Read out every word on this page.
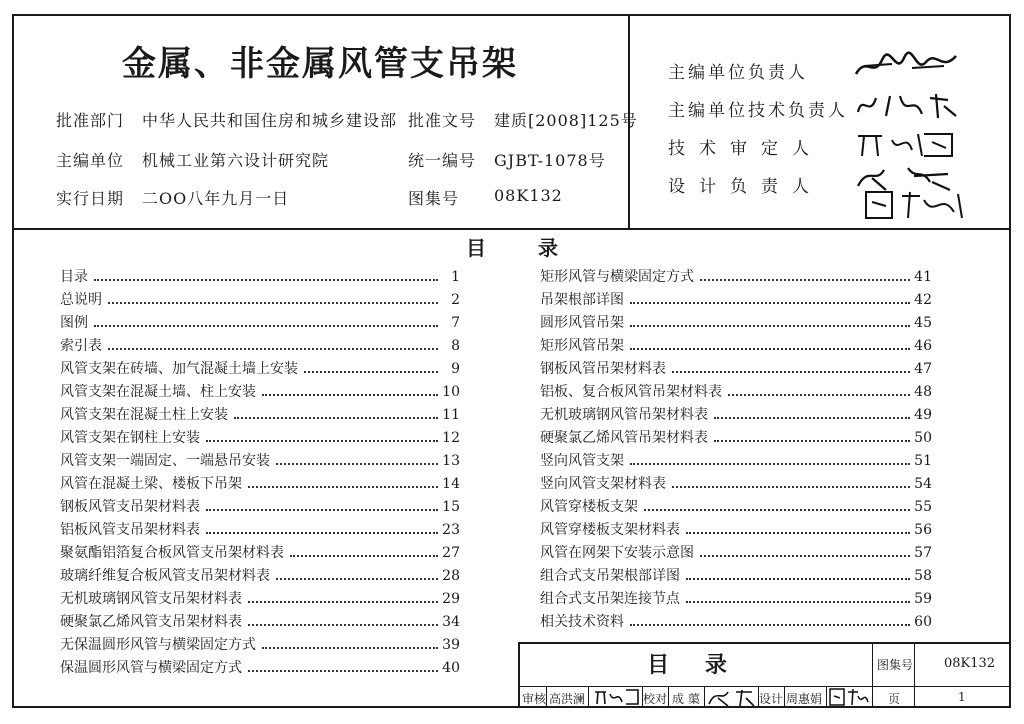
金属、非金属风管支吊架
批准部门 中华人民共和国住房和城乡建设部 批准文号 建质[2008]125号
主编单位 机械工业第六设计研究院	统一编号 GJBT-1078号
实行日期 二OO八年九月一日	图集号 08K132
主编单位负责人
主编单位技术负责人
技术审定人
设计负责人
目	录
目录	1
总说明	2
图例	7
索引表	8
风管支架在砖墙、加气混凝土墙上安装	9
风管支架在混凝土墙、柱上安装	10
风管支架在混凝土柱上安装	11
风管支架在钢柱上安装	12
风管支架一端固定、一端悬吊安装	13
风管在混凝土梁、楼板下吊架	14
钢板风管支吊架材料表	15
铝板风管支吊架材料表	23
聚氨酯铝箔复合板风管支吊架材料表	27
玻璃纤维复合板风管支吊架材料表	28
无机玻璃钢风管支吊架材料表	29
硬聚氯乙烯风管支吊架材料表	34
无保温圆形风管与横梁固定方式	39
保温圆形风管与横梁固定方式	40
矩形风管与横梁固定方式	41
吊架根部详图	42
圆形风管吊架	45
矩形风管吊架	46
钢板风管吊架材料表	47
铝板、复合板风管吊架材料表	48
无机玻璃钢风管吊架材料表	49
硬聚氯乙烯风管吊架材料表	50
竖向风管支架	51
竖向风管支架材料表	54
风管穿楼板支架	55
风管穿楼板支架材料表	56
风管在网架下安装示意图	57
组合式支吊架根部详图	58
组合式支吊架连接节点	59
相关技术资料	60
目 录	图集号 08K132
审核 高洪澜	校对 成 蕖	设计 周惠娟	页	1
